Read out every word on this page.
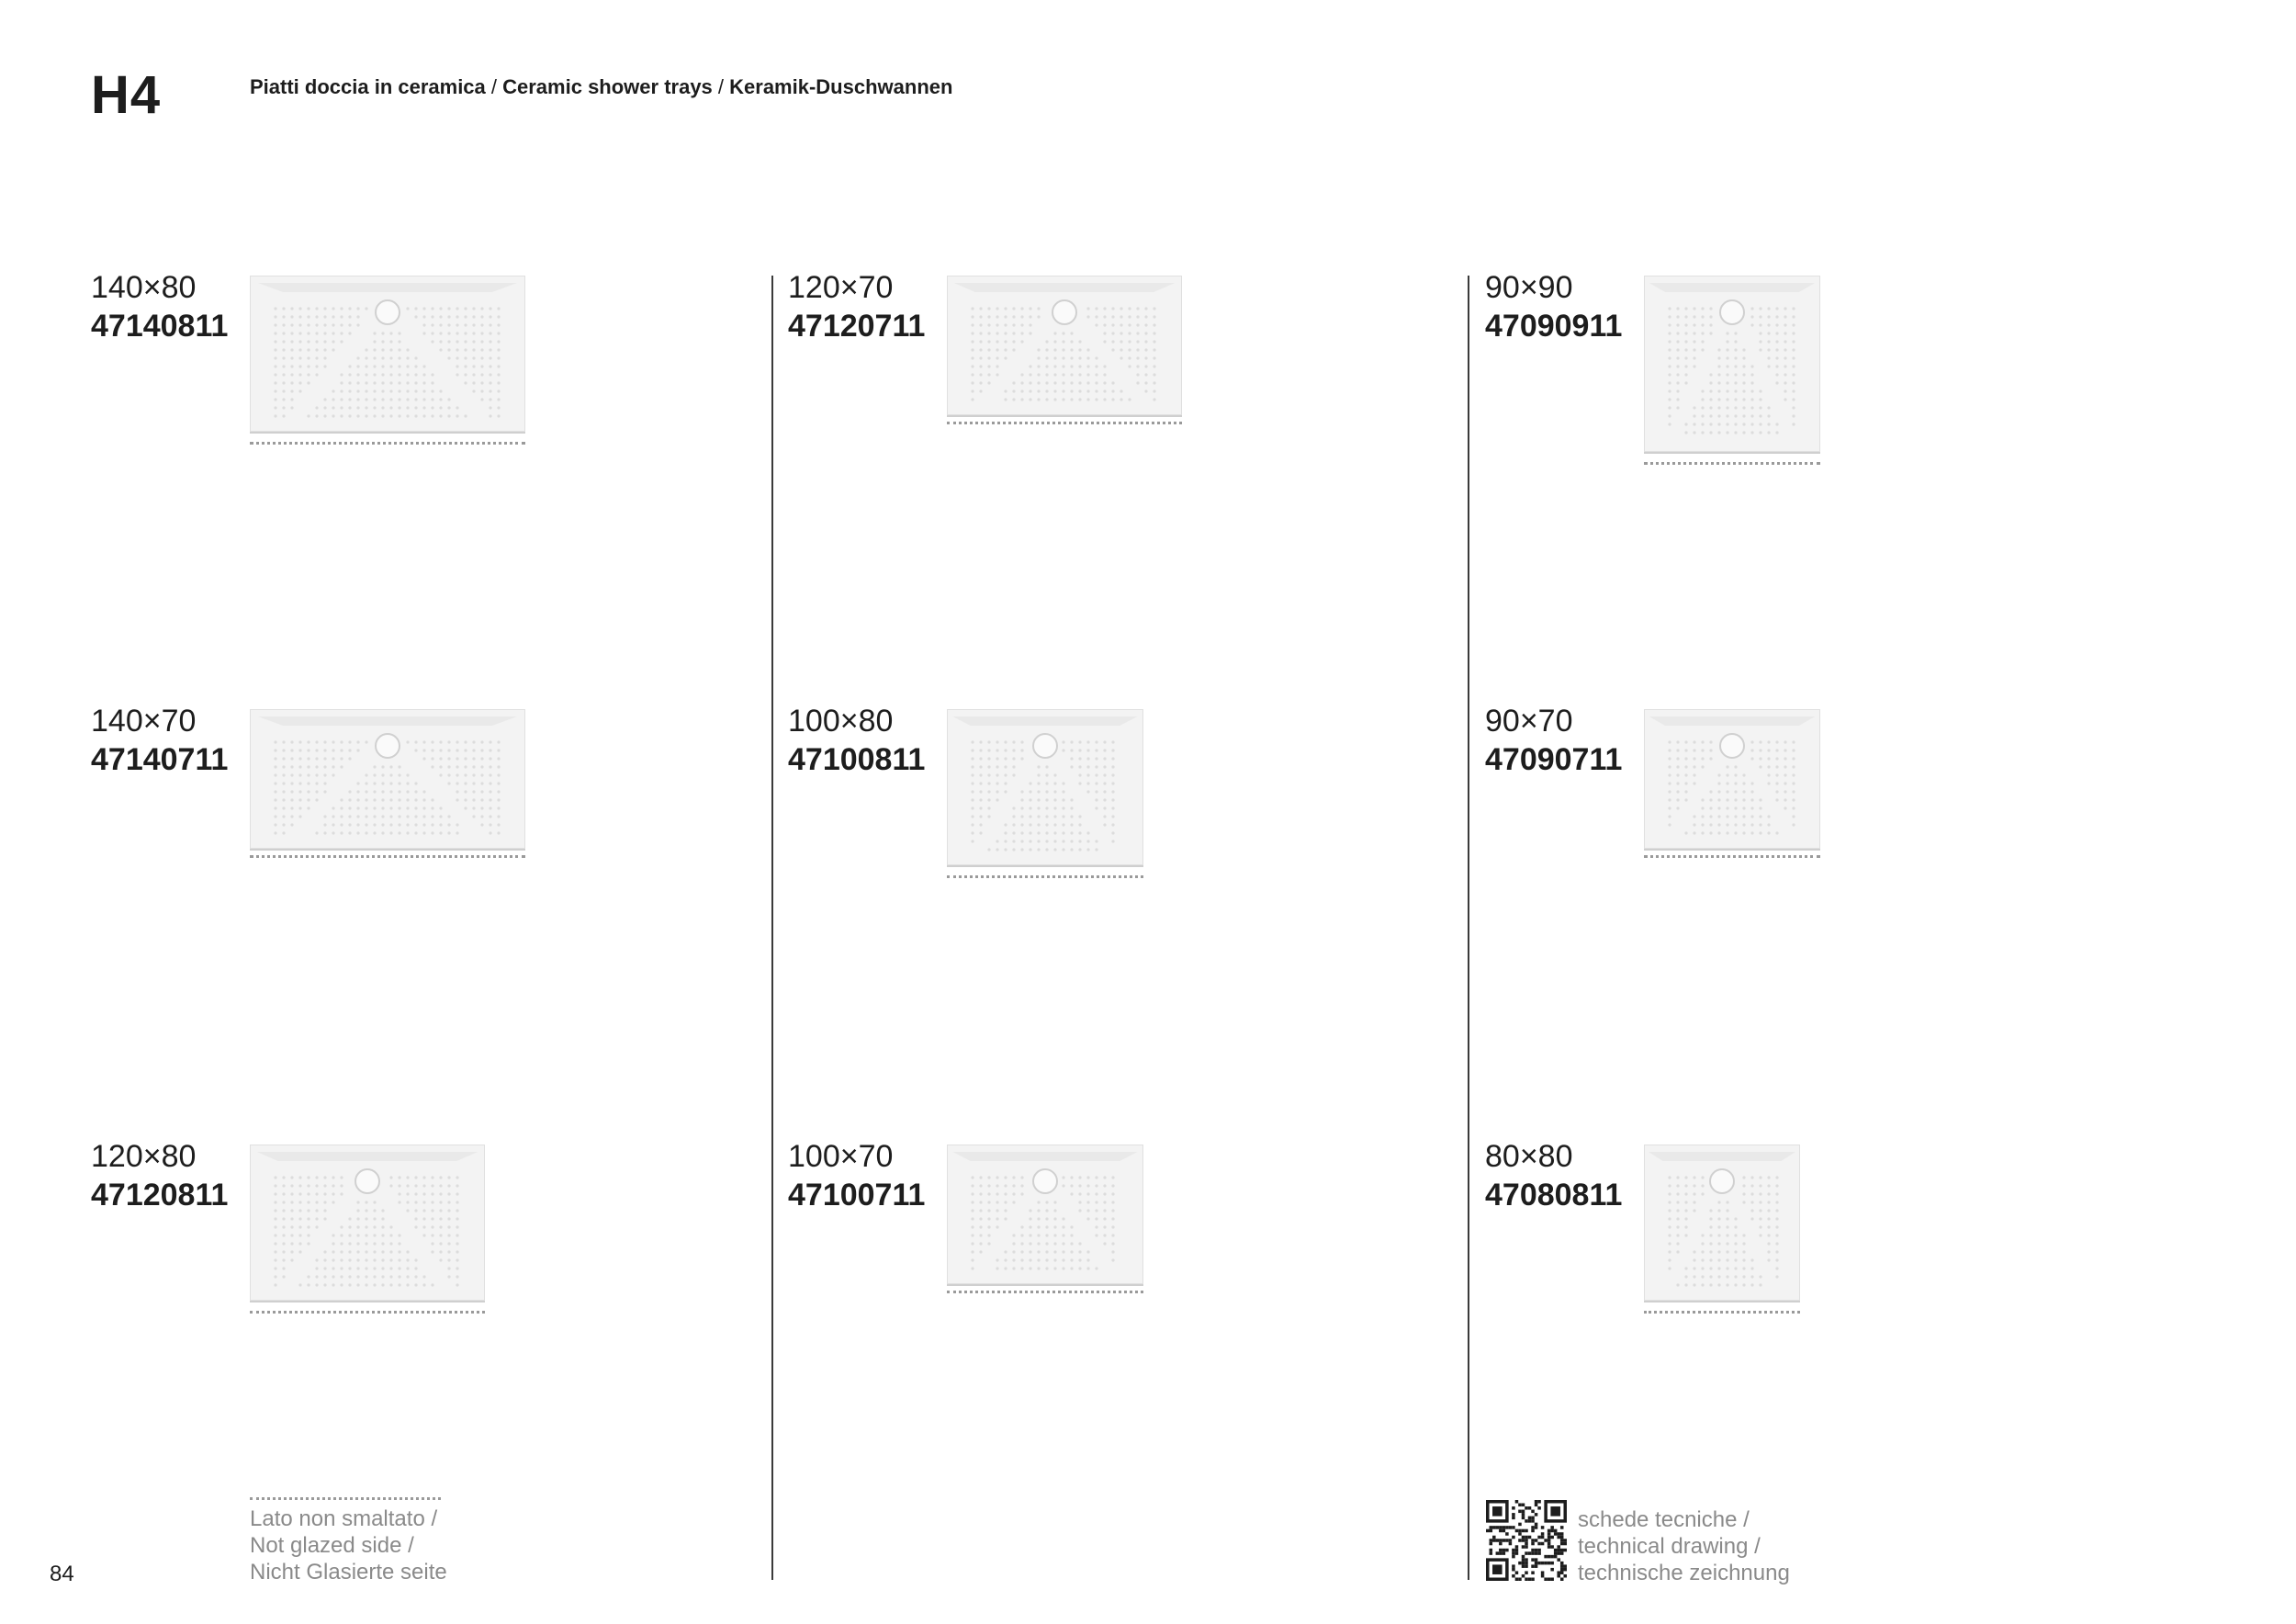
H4	Piatti doccia in ceramica / Ceramic shower trays / Keramik-Duschwannen
140×80
47140811
140×70
47140711
120×80
47120811
120×70
47120711
100×80
47100811
100×70
47100711
90×90
47090911
90×70
47090711
80×80
47080811
Lato non smaltato /
Not glazed side /
Nicht Glasierte seite
schede tecniche /
technical drawing /
technische zeichnung
84
